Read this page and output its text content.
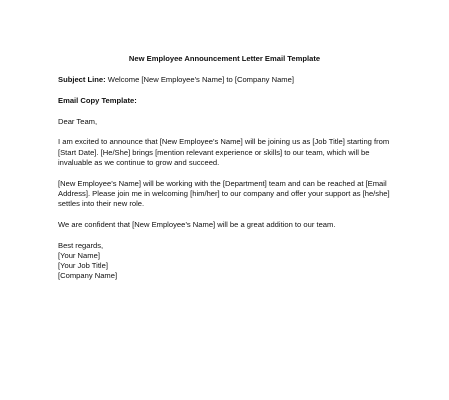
New Employee Announcement Letter Email Template
Subject Line: Welcome [New Employee's Name] to [Company Name]
Email Copy Template:
Dear Team,
I am excited to announce that [New Employee’s Name] will be joining us as [Job Title] starting from
[Start Date]. [He/She] brings [mention relevant experience or skills] to our team, which will be
invaluable as we continue to grow and succeed.
[New Employee’s Name] will be working with the [Department] team and can be reached at [Email
Address]. Please join me in welcoming [him/her] to our company and offer your support as [he/she]
settles into their new role.
We are confident that [New Employee’s Name] will be a great addition to our team.
Best regards,
[Your Name]
[Your Job Title]
[Company Name]
